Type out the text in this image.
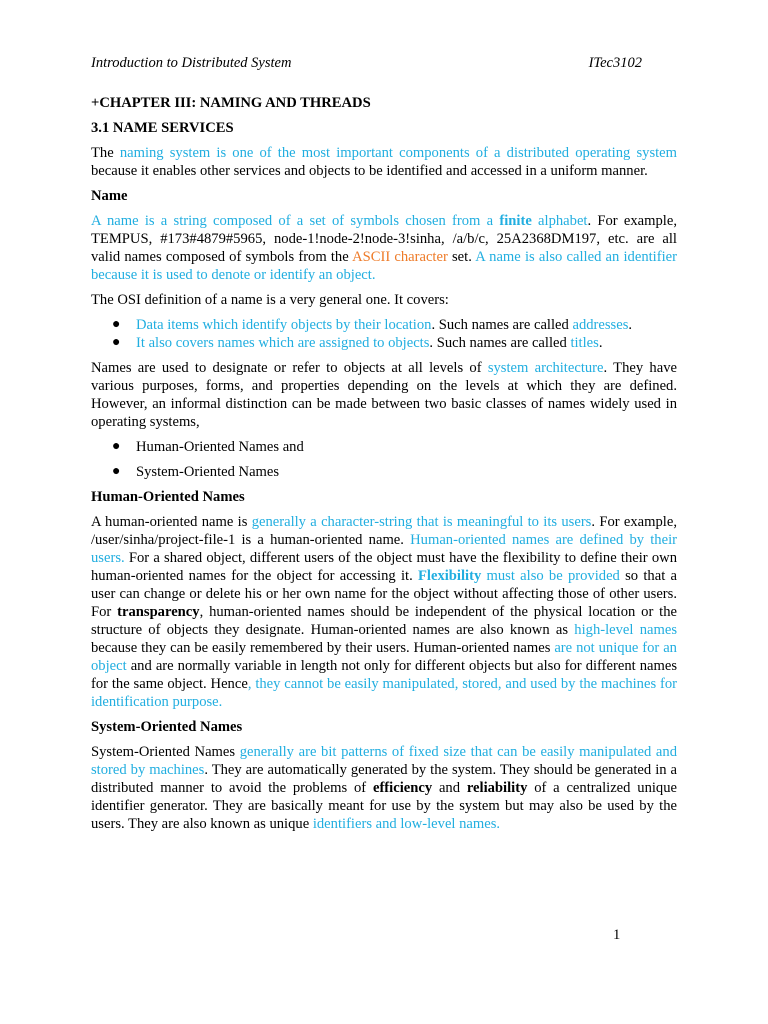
Introduction to Distributed System	ITec3102
+CHAPTER III: NAMING AND THREADS
3.1 NAME SERVICES

The naming system is one of the most important components of a distributed operating system because it enables other services and objects to be identified and accessed in a uniform manner.

Name

A name is a string composed of a set of symbols chosen from a finite alphabet. For example, TEMPUS, #173#4879#5965, node-1!node-2!node-3!sinha, /a/b/c, 25A2368DM197, etc. are all valid names composed of symbols from the ASCII character set. A name is also called an identifier because it is used to denote or identify an object.

The OSI definition of a name is a very general one. It covers:

● Data items which identify objects by their location. Such names are called addresses.
● It also covers names which are assigned to objects. Such names are called titles.

Names are used to designate or refer to objects at all levels of system architecture. They have various purposes, forms, and properties depending on the levels at which they are defined. However, an informal distinction can be made between two basic classes of names widely used in operating systems,

● Human-Oriented Names and
● System-Oriented Names
Human-Oriented Names

A human-oriented name is generally a character-string that is meaningful to its users. For example, /user/sinha/project-file-1 is a human-oriented name. Human-oriented names are defined by their users. For a shared object, different users of the object must have the flexibility to define their own human-oriented names for the object for accessing it. Flexibility must also be provided so that a user can change or delete his or her own name for the object without affecting those of other users. For transparency, human-oriented names should be independent of the physical location or the structure of objects they designate. Human-oriented names are also known as high-level names because they can be easily remembered by their users. Human-oriented names are not unique for an object and are normally variable in length not only for different objects but also for different names for the same object. Hence, they cannot be easily manipulated, stored, and used by the machines for identification purpose.

System-Oriented Names

System-Oriented Names generally are bit patterns of fixed size that can be easily manipulated and stored by machines. They are automatically generated by the system. They should be generated in a distributed manner to avoid the problems of efficiency and reliability of a centralized unique identifier generator. They are basically meant for use by the system but may also be used by the users. They are also known as unique identifiers and low-level names.

1
